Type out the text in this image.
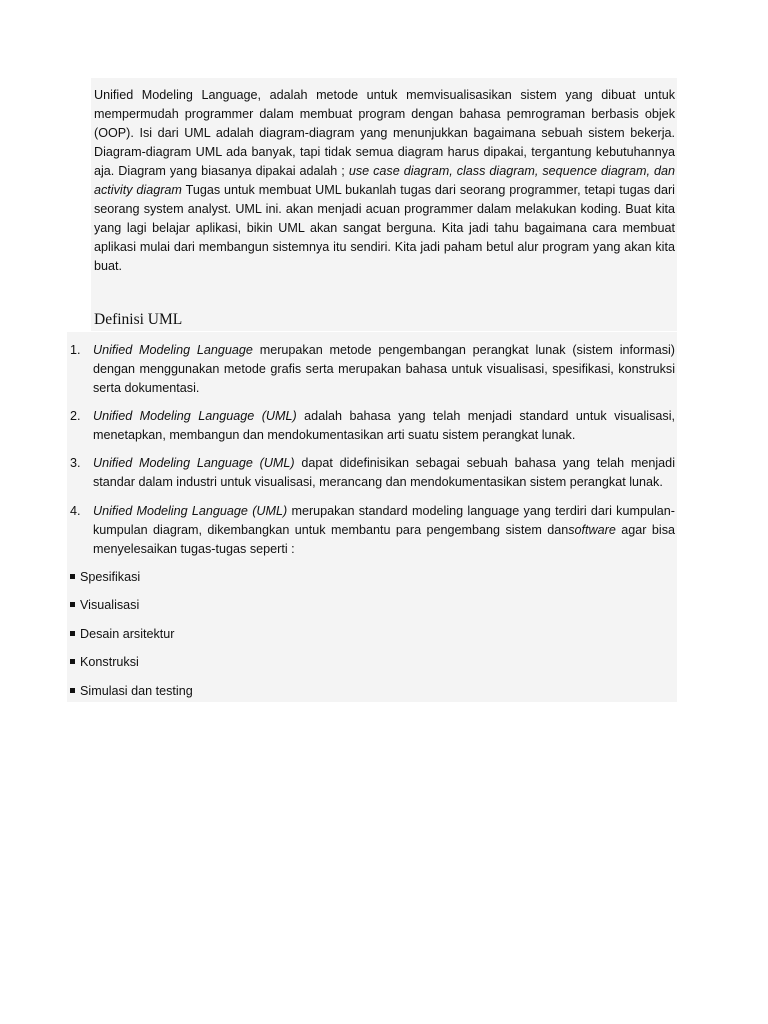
Unified Modeling Language, adalah metode untuk memvisualisasikan sistem yang dibuat untuk mempermudah programmer dalam membuat program dengan bahasa pemrograman berbasis objek (OOP). Isi dari UML adalah diagram-diagram yang menunjukkan bagaimana sebuah sistem bekerja. Diagram-diagram UML ada banyak, tapi tidak semua diagram harus dipakai, tergantung kebutuhannya aja. Diagram yang biasanya dipakai adalah ; use case diagram, class diagram, sequence diagram, dan activity diagram Tugas untuk membuat UML bukanlah tugas dari seorang programmer, tetapi tugas dari seorang system analyst. UML ini. akan menjadi acuan programmer dalam melakukan koding. Buat kita yang lagi belajar aplikasi, bikin UML akan sangat berguna. Kita jadi tahu bagaimana cara membuat aplikasi mulai dari membangun sistemnya itu sendiri. Kita jadi paham betul alur program yang akan kita buat.
Definisi UML
1. Unified Modeling Language merupakan metode pengembangan perangkat lunak (sistem informasi) dengan menggunakan metode grafis serta merupakan bahasa untuk visualisasi, spesifikasi, konstruksi serta dokumentasi.
2. Unified Modeling Language (UML) adalah bahasa yang telah menjadi standard untuk visualisasi, menetapkan, membangun dan mendokumentasikan arti suatu sistem perangkat lunak.
3. Unified Modeling Language (UML) dapat didefinisikan sebagai sebuah bahasa yang telah menjadi standar dalam industri untuk visualisasi, merancang dan mendokumentasikan sistem perangkat lunak.
4. Unified Modeling Language (UML) merupakan standard modeling language yang terdiri dari kumpulan-kumpulan diagram, dikembangkan untuk membantu para pengembang sistem dansoftware agar bisa menyelesaikan tugas-tugas seperti :
Spesifikasi
Visualisasi
Desain arsitektur
Konstruksi
Simulasi dan testing
